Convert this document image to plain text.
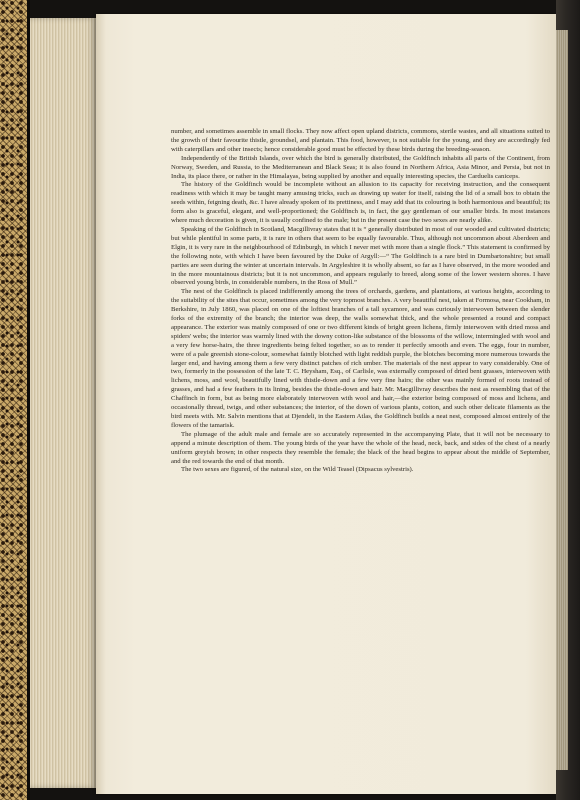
number, and sometimes assemble in small flocks. They now affect open upland districts, commons, sterile wastes, and all situations suited to the growth of their favourite thistle, groundsel, and plantain. This food, however, is not suitable for the young, and they are accordingly fed with caterpillars and other insects; hence considerable good must be effected by these birds during the breeding-season.

Independently of the British Islands, over which the bird is generally distributed, the Goldfinch inhabits all parts of the Continent, from Norway, Sweden, and Russia, to the Mediterranean and Black Seas; it is also found in Northern Africa, Asia Minor, and Persia, but not in India, its place there, or rather in the Himalayas, being supplied by another and equally interesting species, the Carduelis caniceps.

The history of the Goldfinch would be incomplete without an allusion to its capacity for receiving instruction, and the consequent readiness with which it may be taught many amusing tricks, such as drawing up water for itself, raising the lid of a small box to obtain the seeds within, feigning death, &c. I have already spoken of its prettiness, and I may add that its colouring is both harmonious and beautiful; its form also is graceful, elegant, and well-proportioned; the Goldfinch is, in fact, the gay gentleman of our smaller birds. In most instances where much decoration is given, it is usually confined to the male; but in the present case the two sexes are nearly alike.

Speaking of the Goldfinch in Scotland, Macgillivray states that it is “ generally distributed in most of our wooded and cultivated districts; but while plentiful in some parts, it is rare in others that seem to be equally favourable. Thus, although not uncommon about Aberdeen and Elgin, it is very rare in the neighbourhood of Edinburgh, in which I never met with more than a single flock.” This statement is confirmed by the following note, with which I have been favoured by the Duke of Argyll:—“ The Goldfinch is a rare bird in Dumbartonshire; but small parties are seen during the winter at uncertain intervals. In Argyleshire it is wholly absent, so far as I have observed, in the more wooded and in the more mountainous districts; but it is not uncommon, and appears regularly to breed, along some of the lower western shores. I have observed young birds, in considerable numbers, in the Ross of Mull.”

The nest of the Goldfinch is placed indifferently among the trees of orchards, gardens, and plantations, at various heights, according to the suitability of the sites that occur, sometimes among the very topmost branches. A very beautiful nest, taken at Formosa, near Cookham, in Berkshire, in July 1860, was placed on one of the loftiest branches of a tall sycamore, and was curiously interwoven between the slender forks of the extremity of the branch; the interior was deep, the walls somewhat thick, and the whole presented a round and compact appearance. The exterior was mainly composed of one or two different kinds of bright green lichens, firmly interwoven with dried moss and spiders' webs; the interior was warmly lined with the downy cotton-like substance of the blossoms of the willow, intermingled with wool and a very few horse-hairs, the three ingredients being felted together, so as to render it perfectly smooth and even. The eggs, four in number, were of a pale greenish stone-colour, somewhat faintly blotched with light reddish purple, the blotches becoming more numerous towards the larger end, and having among them a few very distinct patches of rich umber. The materials of the nest appear to vary considerably. One of two, formerly in the possession of the late T. C. Heysham, Esq., of Carlisle, was externally composed of dried bent grasses, interwoven with lichens, moss, and wool, beautifully lined with thistle-down and a few very fine hairs; the other was mainly formed of roots instead of grasses, and had a few feathers in its lining, besides the thistle-down and hair. Mr. Macgillivray describes the nest as resembling that of the Chaffinch in form, but as being more elaborately interwoven with wool and hair,—the exterior being composed of moss and lichens, and occasionally thread, twigs, and other substances; the interior, of the down of various plants, cotton, and such other delicate filaments as the bird meets with. Mr. Salvin mentions that at Djendeli, in the Eastern Atlas, the Goldfinch builds a neat nest, composed almost entirely of the flowers of the tamarisk.

The plumage of the adult male and female are so accurately represented in the accompanying Plate, that it will not be necessary to append a minute description of them. The young birds of the year have the whole of the head, neck, back, and sides of the chest of a nearly uniform greyish brown; in other respects they resemble the female; the black of the head begins to appear about the middle of September, and the red towards the end of that month.

The two sexes are figured, of the natural size, on the Wild Teasel (Dipsacus sylvestris).
